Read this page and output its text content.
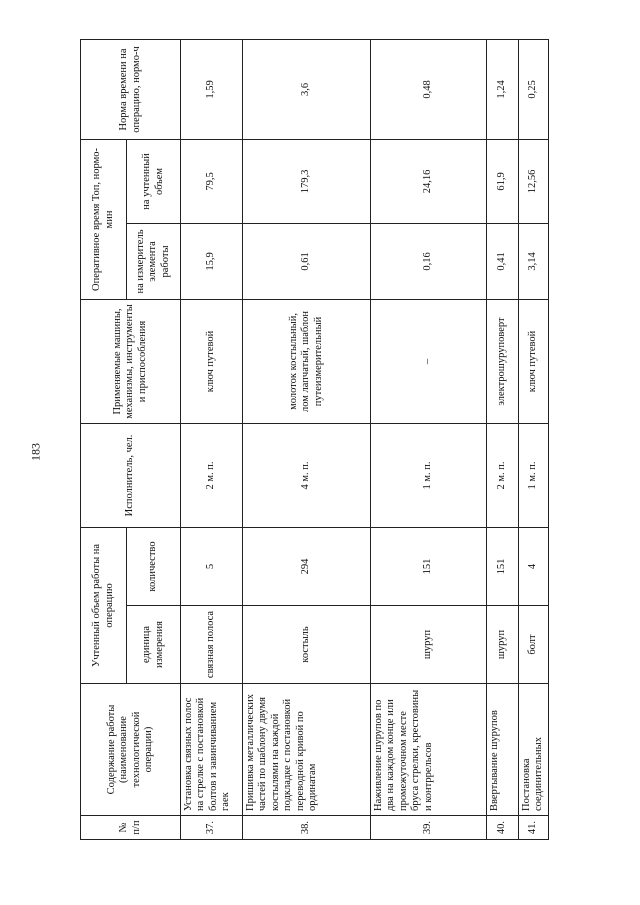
183
№ п/п	Содержание работы (наименование технологической операции)	Учтенный объем работы на операцию		Исполнитель, чел.	Применяемые машины, механизмы, инструменты и приспособления	Оперативное время Топ, нормо-мин		Норма времени на операцию, нормо-ч
		единица измерения	количество			на измеритель элемента работы	на учтенный объем	
37.	Установка связных полос на стрелке с постановкой болтов и завинчиванием гаек	связная полоса	5	2 м. п.	ключ путевой	15,9	79,5	1,59
38.	Пришивка металлических частей по шаблону двумя костылями на каждой подкладке с постановкой переводной кривой по ординатам	костыль	294	4 м. п.	молоток костыльный, лом лапчатый, шаблон путеизмерительный	0,61	179,3	3,6
39.	Наживление шурупов по два на каждом конце или промежуточном месте бруса стрелки, крестовины и контррельсов	шуруп	151	1 м. п.	–	0,16	24,16	0,48
40.	Ввертывание шурупов	шуруп	151	2 м. п.	электрошуруповерт	0,41	61,9	1,24
41.	Постановка соединительных	болт	4	1 м. п.	ключ путевой	3,14	12,56	0,25
